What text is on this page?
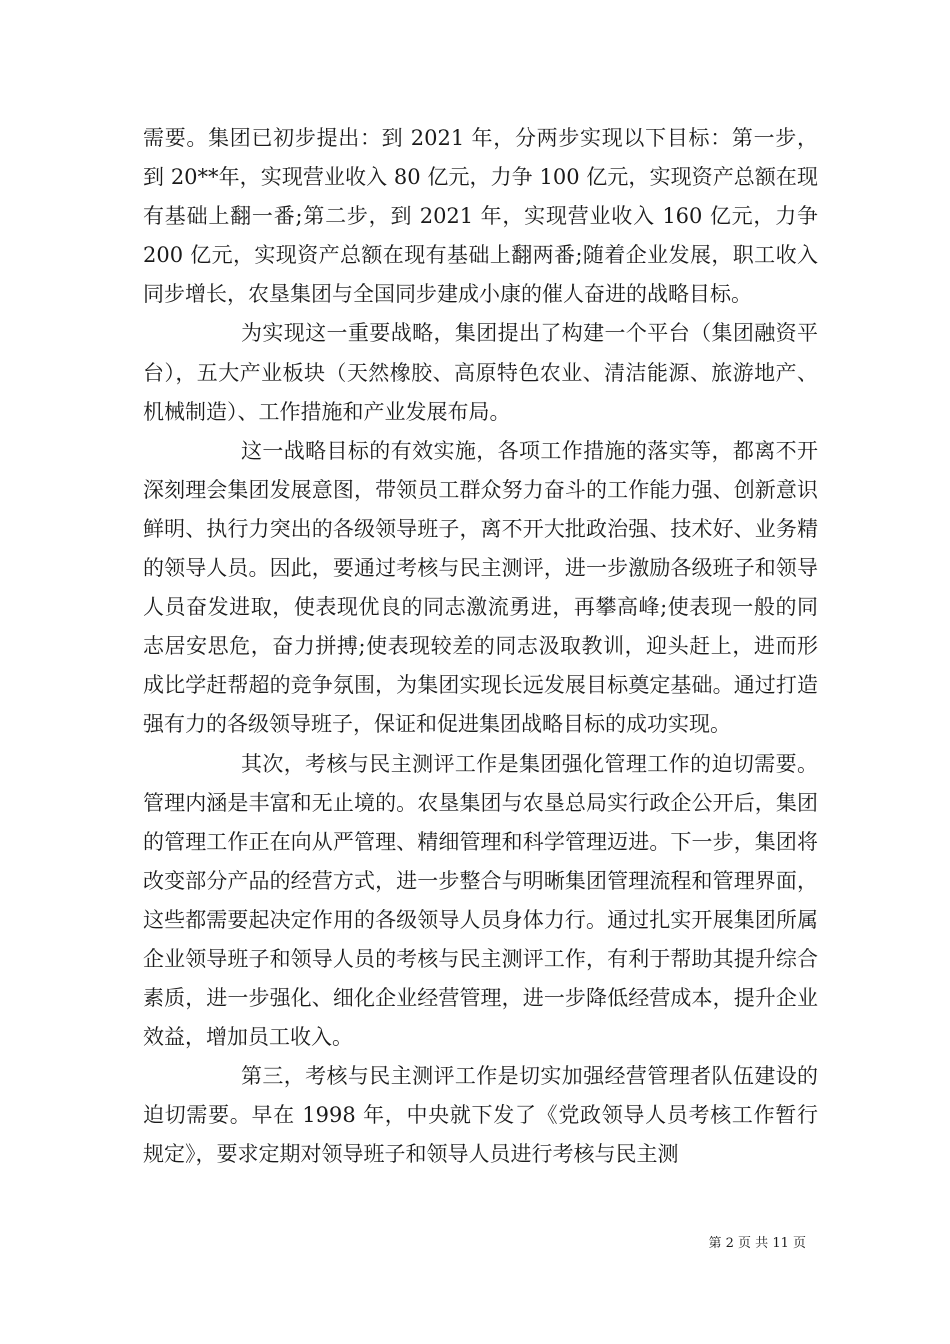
需要。集团已初步提出：到 2021 年，分两步实现以下目标：第一步，到 20**年，实现营业收入 80 亿元，力争 100 亿元，实现资产总额在现有基础上翻一番;第二步，到 2021 年，实现营业收入 160 亿元，力争 200 亿元，实现资产总额在现有基础上翻两番;随着企业发展，职工收入同步增长，农垦集团与全国同步建成小康的催人奋进的战略目标。

为实现这一重要战略，集团提出了构建一个平台（集团融资平台），五大产业板块（天然橡胶、高原特色农业、清洁能源、旅游地产、机械制造）、工作措施和产业发展布局。

这一战略目标的有效实施，各项工作措施的落实等，都离不开深刻理会集团发展意图，带领员工群众努力奋斗的工作能力强、创新意识鲜明、执行力突出的各级领导班子，离不开大批政治强、技术好、业务精的领导人员。因此，要通过考核与民主测评，进一步激励各级班子和领导人员奋发进取，使表现优良的同志激流勇进，再攀高峰;使表现一般的同志居安思危，奋力拼搏;使表现较差的同志汲取教训，迎头赶上，进而形成比学赶帮超的竞争氛围，为集团实现长远发展目标奠定基础。通过打造强有力的各级领导班子，保证和促进集团战略目标的成功实现。

其次，考核与民主测评工作是集团强化管理工作的迫切需要。管理内涵是丰富和无止境的。农垦集团与农垦总局实行政企公开后，集团的管理工作正在向从严管理、精细管理和科学管理迈进。下一步，集团将改变部分产品的经营方式，进一步整合与明晰集团管理流程和管理界面，这些都需要起决定作用的各级领导人员身体力行。通过扎实开展集团所属企业领导班子和领导人员的考核与民主测评工作，有利于帮助其提升综合素质，进一步强化、细化企业经营管理，进一步降低经营成本，提升企业效益，增加员工收入。

第三，考核与民主测评工作是切实加强经营管理者队伍建设的迫切需要。早在 1998 年，中央就下发了《党政领导人员考核工作暂行规定》，要求定期对领导班子和领导人员进行考核与民主测

第 2 页 共 11 页
